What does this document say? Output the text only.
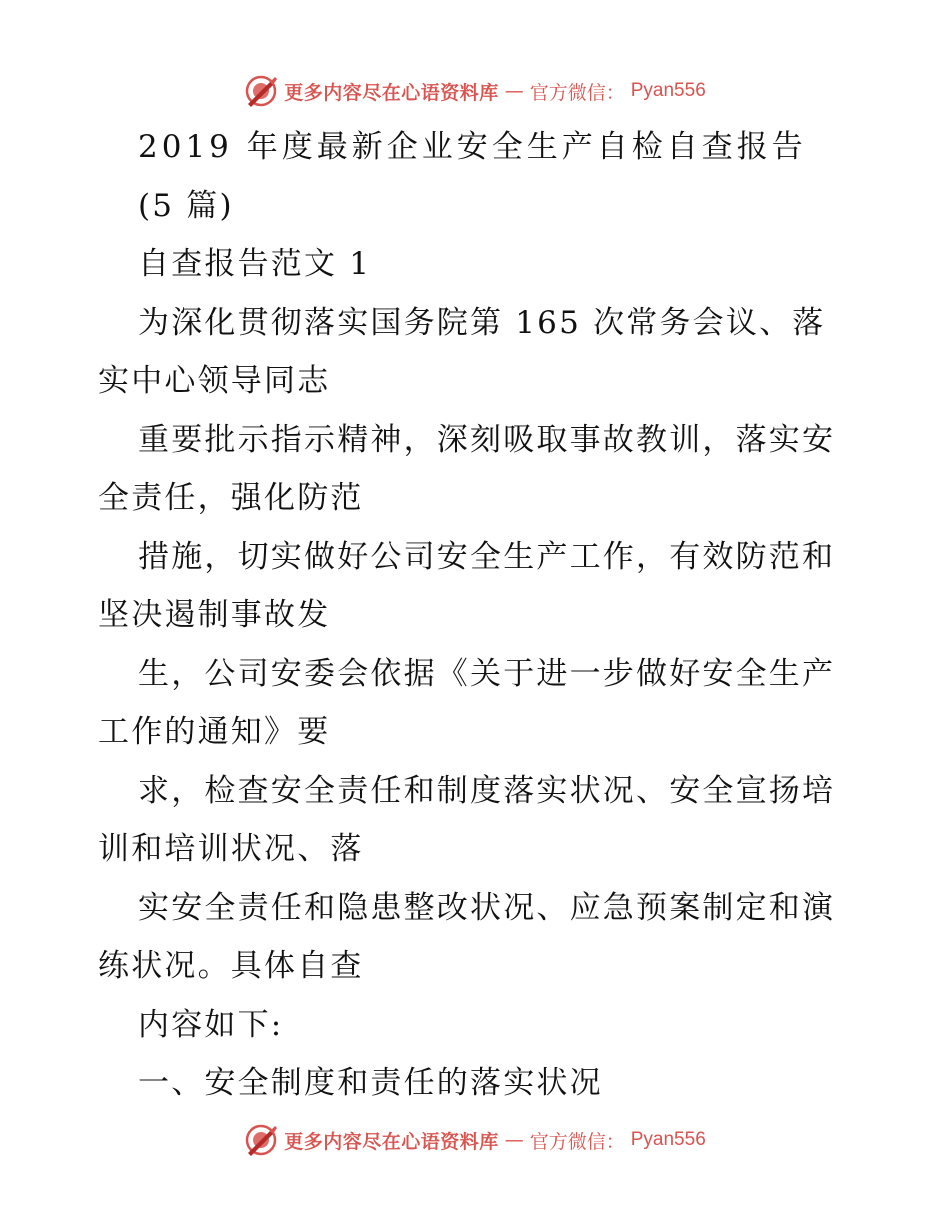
更多内容尽在心语资料库 — 官方微信： Pyan556
2019 年度最新企业安全生产自检自查报告
(5 篇)
自查报告范文 1
为深化贯彻落实国务院第 165 次常务会议、落
实中心领导同志
重要批示指示精神，深刻吸取事故教训，落实安
全责任，强化防范
措施，切实做好公司安全生产工作，有效防范和
坚决遏制事故发
生，公司安委会依据《关于进一步做好安全生产
工作的通知》要
求，检查安全责任和制度落实状况、安全宣扬培
训和培训状况、落
实安全责任和隐患整改状况、应急预案制定和演
练状况。具体自查
内容如下:
一、安全制度和责任的落实状况
更多内容尽在心语资料库 — 官方微信： Pyan556
